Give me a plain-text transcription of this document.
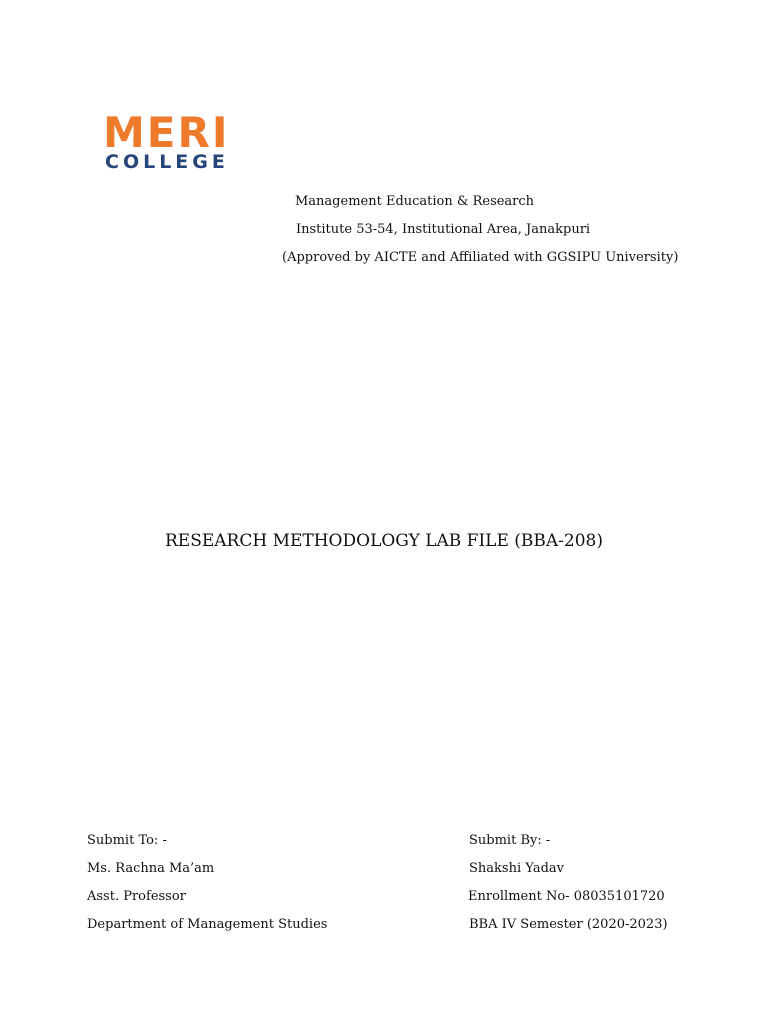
MERI
COLLEGE
Management Education & Research
Institute 53-54, Institutional Area, Janakpuri
(Approved by AICTE and Affiliated with GGSIPU University)
RESEARCH METHODOLOGY LAB FILE (BBA-208)
Submit To: -
Ms. Rachna Ma’am
Asst. Professor
Department of Management Studies
Submit By: -
Shakshi Yadav
Enrollment No- 08035101720
BBA IV Semester (2020-2023)
